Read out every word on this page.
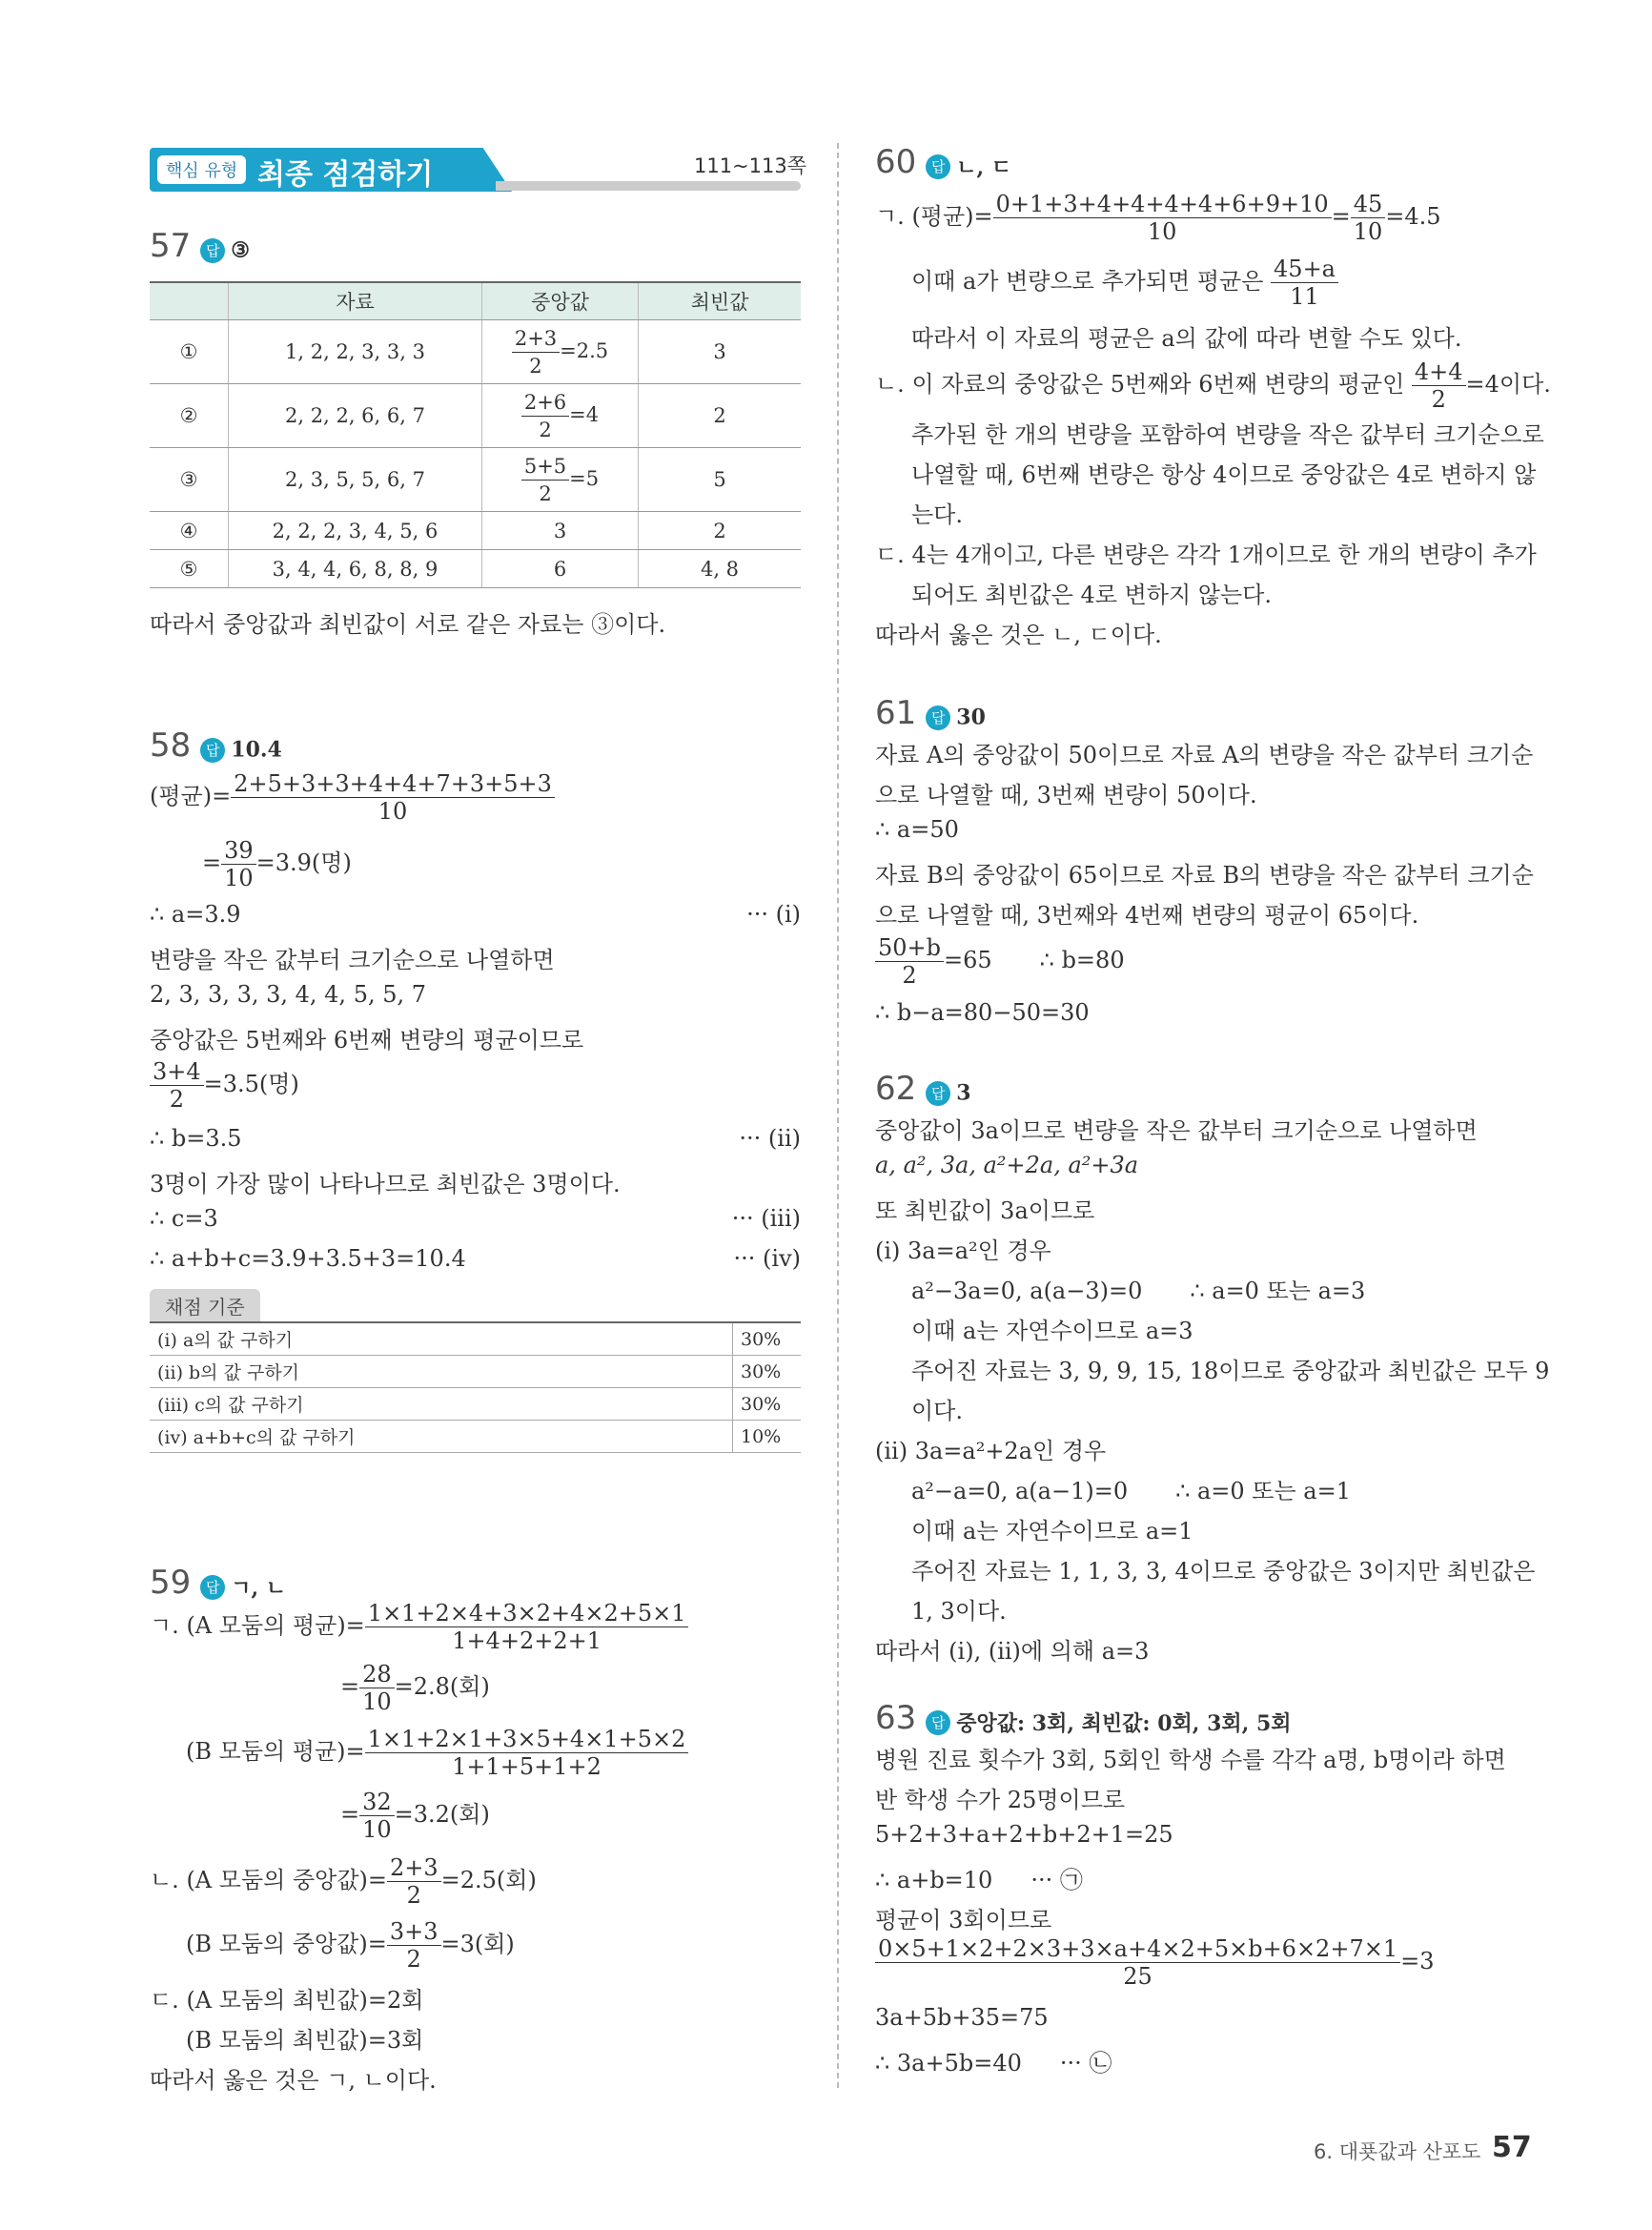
핵심 유형 최종 점검하기	111~113쪽
57 답 ③
	자료	중앙값	최빈값
①	1, 2, 2, 3, 3, 3	$\frac{2+3}{2} =2.5$	3
②	2, 2, 2, 6, 6, 7	$\frac{2+6}{2} =4$	2
③	2, 3, 5, 5, 6, 7	$\frac{5+5}{2} =5$	5
④	2, 2, 2, 3, 4, 5, 6	3	2
⑤	3, 4, 4, 6, 8, 8, 9	6	4, 8
따라서 중앙값과 최빈값이 서로 같은 자료는 ③이다.
58 답 10.4
(평균)= $\frac{2+5+3+3+4+4+7+3+5+3}{10}$
= $\frac{39}{10} =3.9$(명)
∴ a=3.9	··· (i)
변량을 작은 값부터 크기순으로 나열하면
2, 3, 3, 3, 3, 4, 4, 5, 5, 7
중앙값은 5번째와 6번째 변량의 평균이므로
$\frac{3+4}{2} =3.5$(명)
∴ b=3.5	··· (ii)
3명이 가장 많이 나타나므로 최빈값은 3명이다.
∴ c=3	··· (iii)
∴ a+b+c=3.9+3.5+3=10.4	··· (iv)
채점 기준
(i) a의 값 구하기	30%
(ii) b의 값 구하기	30%
(iii) c의 값 구하기	30%
(iv) a+b+c의 값 구하기	10%
59 답 ㄱ, ㄴ
ㄱ. (A 모둠의 평균)= $\frac{1\times 1+2\times 4+3\times 2+4\times 2+5\times 1}{1+4+2+2+1}$
= $\frac{28}{10} =2.8$(회)
(B 모둠의 평균)= $\frac{1\times 1+2\times 1+3\times 5+4\times 1+5\times 2}{1+1+5+1+2}$
= $\frac{32}{10} =3.2$(회)
ㄴ. (A 모둠의 중앙값)= $\frac{2+3}{2} =2.5$(회)
(B 모둠의 중앙값)= $\frac{3+3}{2} =3$(회)
ㄷ. (A 모둠의 최빈값)=2회
(B 모둠의 최빈값)=3회
따라서 옳은 것은 ㄱ, ㄴ이다.
60 답 ㄴ, ㄷ
ㄱ. (평균)= $\frac{0+1+3+4+4+4+4+6+9+10}{10} = \frac{45}{10} =4.5$
이때 a가 변량으로 추가되면 평균은 $\frac{45+a}{11}$
따라서 이 자료의 평균은 a의 값에 따라 변할 수도 있다.
ㄴ. 이 자료의 중앙값은 5번째와 6번째 변량의 평균인 $\frac{4+4}{2} =4$이다.
추가된 한 개의 변량을 포함하여 변량을 작은 값부터 크기순으로
나열할 때, 6번째 변량은 항상 4이므로 중앙값은 4로 변하지 않
는다.
ㄷ. 4는 4개이고, 다른 변량은 각각 1개이므로 한 개의 변량이 추가
되어도 최빈값은 4로 변하지 않는다.
따라서 옳은 것은 ㄴ, ㄷ이다.
61 답 30
자료 A의 중앙값이 50이므로 자료 A의 변량을 작은 값부터 크기순
으로 나열할 때, 3번째 변량이 50이다.
∴ a=50
자료 B의 중앙값이 65이므로 자료 B의 변량을 작은 값부터 크기순
으로 나열할 때, 3번째와 4번째 변량의 평균이 65이다.
$\frac{50+b}{2} =65$ ∴ b=80
∴ b−a=80−50=30
62 답 3
중앙값이 3a이므로 변량을 작은 값부터 크기순으로 나열하면
a, a², 3a, a²+2a, a²+3a
또 최빈값이 3a이므로
(i) 3a=a²인 경우
a²−3a=0, a(a−3)=0 ∴ a=0 또는 a=3
이때 a는 자연수이므로 a=3
주어진 자료는 3, 9, 9, 15, 18이므로 중앙값과 최빈값은 모두 9
이다.
(ii) 3a=a²+2a인 경우
a²−a=0, a(a−1)=0 ∴ a=0 또는 a=1
이때 a는 자연수이므로 a=1
주어진 자료는 1, 1, 3, 3, 4이므로 중앙값은 3이지만 최빈값은
1, 3이다.
따라서 (i), (ii)에 의해 a=3
63 답 중앙값: 3회, 최빈값: 0회, 3회, 5회
병원 진료 횟수가 3회, 5회인 학생 수를 각각 a명, b명이라 하면
반 학생 수가 25명이므로
5+2+3+a+2+b+2+1=25
∴ a+b=10 ··· ㉠
평균이 3회이므로
$\frac{0\times 5+1\times 2+2\times 3+3\times a+4\times 2+5\times b+6\times 2+7\times 1}{25} =3$
3a+5b+35=75
∴ 3a+5b=40 ··· ㉡
6. 대푯값과 산포도 57
